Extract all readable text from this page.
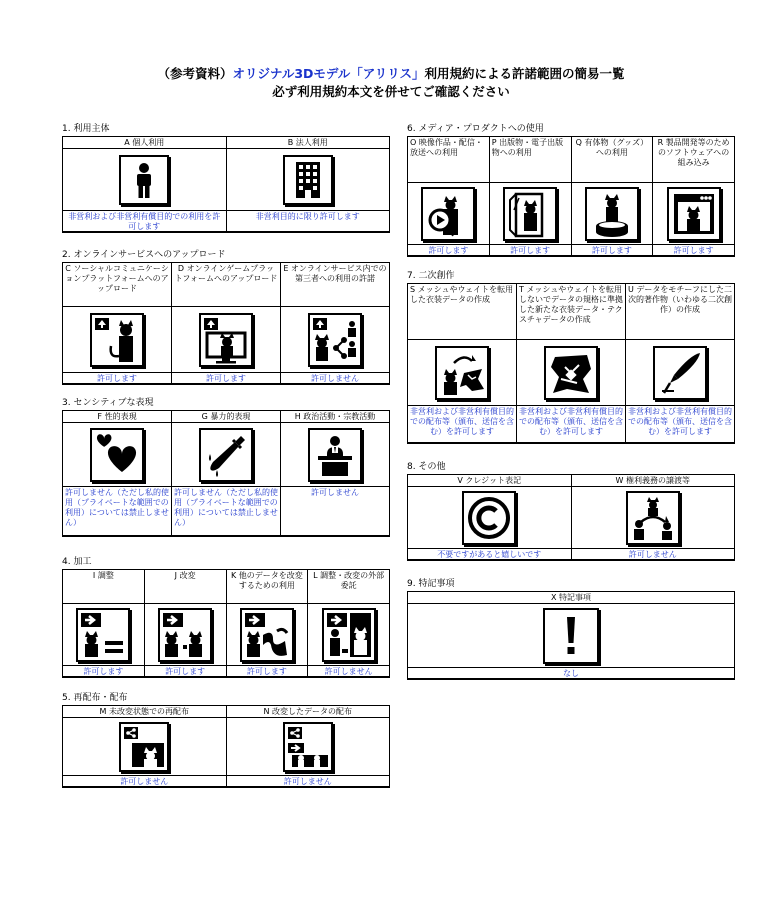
（参考資料）オリジナル3Dモデル「アリリス」利用規約による許諾範囲の簡易一覧
必ず利用規約本文を併せてご確認ください
1. 利用主体
A 個人利用
非営利および非営利有償目的での利用を許可します
B 法人利用
非営利目的に限り許可します
2. オンラインサービスへのアップロード
C ソーシャルコミュニケーションプラットフォームへのアップロード
許可します
D オンラインゲームプラットフォームへのアップロード
許可します
E オンラインサービス内での第三者への利用の許諾
許可しません
3. センシティブな表現
F 性的表現
許可しません（ただし私的使用（プライベートな範囲での利用）については禁止しません）
G 暴力的表現
許可しません（ただし私的使用（プライベートな範囲での利用）については禁止しません）
H 政治活動・宗教活動
許可しません
4. 加工
I 調整
許可します
J 改変
許可します
K 他のデータを改変するための利用
許可します
L 調整・改変の外部委託
許可しません
5. 再配布・配布
M 未改変状態での再配布
許可しません
N 改変したデータの配布
許可しません
6. メディア・プロダクトへの使用
O 映像作品・配信・放送への利用
許可します
P 出版物・電子出版物への利用
許可します
Q 有体物（グッズ）への利用
許可します
R 製品開発等のためのソフトウェアへの組み込み
許可します
7. 二次創作
S メッシュやウェイトを転用した衣装データの作成
非営利および非営利有償目的での配布等（頒布、送信を含む）を許可します
T メッシュやウェイトを転用しないでデータの規格に準拠した新たな衣装データ・テクスチャデータの作成
非営利および非営利有償目的での配布等（頒布、送信を含む）を許可します
U データをモチーフにした二次的著作物（いわゆる二次創作）の作成
非営利および非営利有償目的での配布等（頒布、送信を含む）を許可します
8. その他
V クレジット表記
不要ですがあると嬉しいです
W 権利義務の譲渡等
許可しません
9. 特記事項
X 特記事項
なし
